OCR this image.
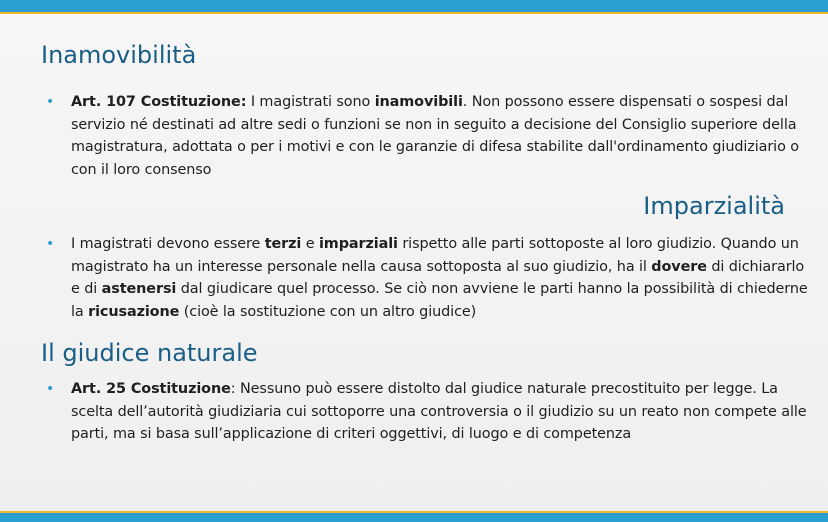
Inamovibilità
• Art. 107 Costituzione: I magistrati sono inamovibili. Non possono essere dispensati o sospesi dal servizio né destinati ad altre sedi o funzioni se non in seguito a decisione del Consiglio superiore della magistratura, adottata o per i motivi e con le garanzie di difesa stabilite dall'ordinamento giudiziario o con il loro consenso
Imparzialità
• I magistrati devono essere terzi e imparziali rispetto alle parti sottoposte al loro giudizio. Quando un magistrato ha un interesse personale nella causa sottoposta al suo giudizio, ha il dovere di dichiararlo e di astenersi dal giudicare quel processo. Se ciò non avviene le parti hanno la possibilità di chiederne la ricusazione (cioè la sostituzione con un altro giudice)
Il giudice naturale
• Art. 25 Costituzione: Nessuno può essere distolto dal giudice naturale precostituito per legge. La scelta dell’autorità giudiziaria cui sottoporre una controversia o il giudizio su un reato non compete alle parti, ma si basa sull’applicazione di criteri oggettivi, di luogo e di competenza
